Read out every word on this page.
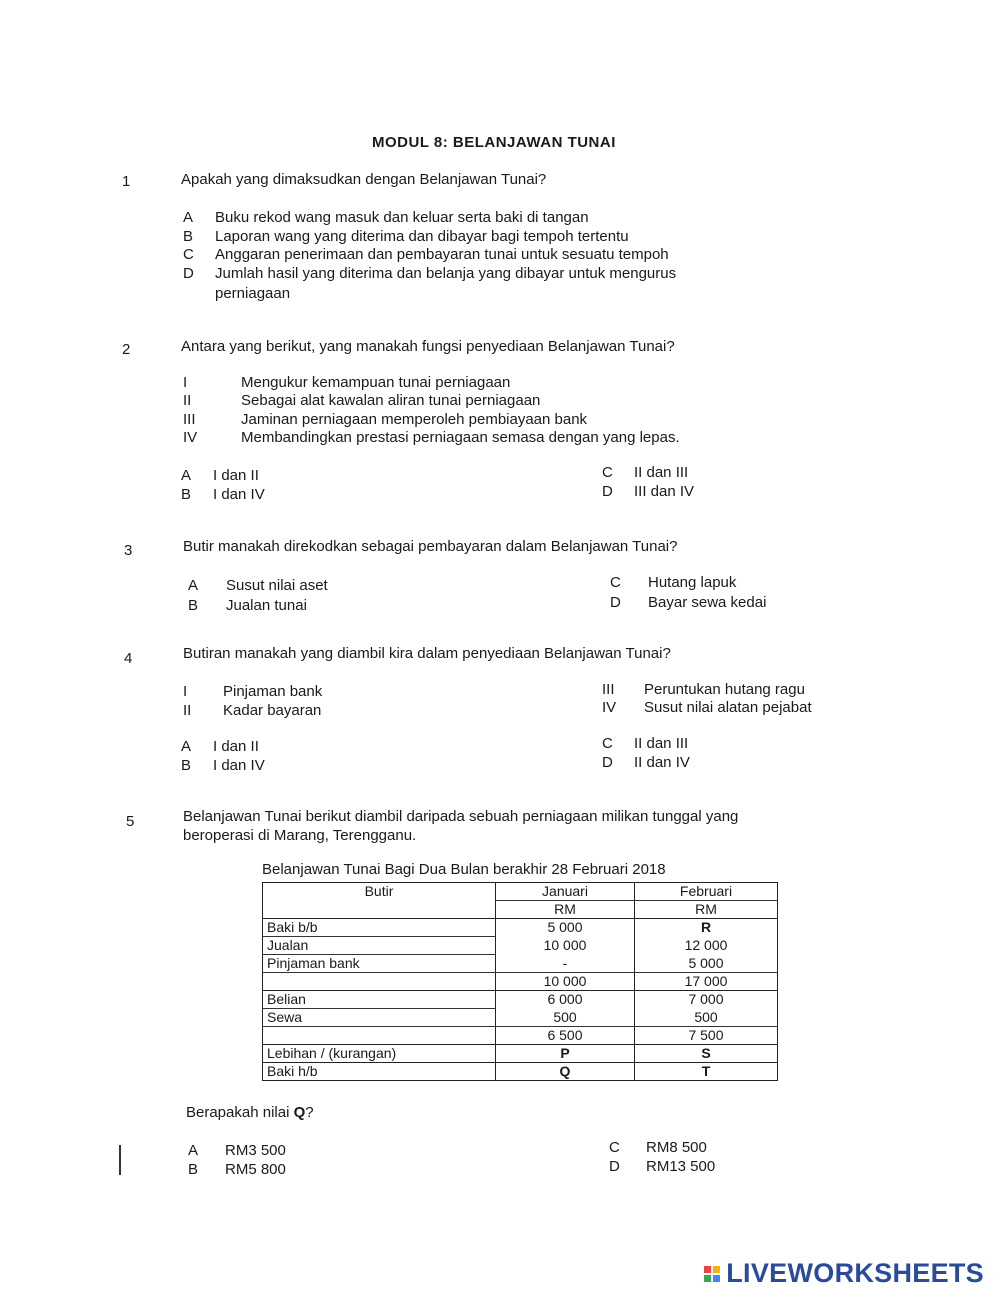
MODUL 8: BELANJAWAN TUNAI
1	Apakah yang dimaksudkan dengan Belanjawan Tunai?
A Buku rekod wang masuk dan keluar serta baki di tangan
B Laporan wang yang diterima dan dibayar bagi tempoh tertentu
C Anggaran penerimaan dan pembayaran tunai untuk sesuatu tempoh
D Jumlah hasil yang diterima dan belanja yang dibayar untuk mengurus
perniagaan
2	Antara yang berikut, yang manakah fungsi penyediaan Belanjawan Tunai?
I	Mengukur kemampuan tunai perniagaan
II	Sebagai alat kawalan aliran tunai perniagaan
III	Jaminan perniagaan memperoleh pembiayaan bank
IV	Membandingkan prestasi perniagaan semasa dengan yang lepas.
A I dan II
B I dan IV
C II dan III
D III dan IV
3	Butir manakah direkodkan sebagai pembayaran dalam Belanjawan Tunai?
A Susut nilai aset
B Jualan tunai
C Hutang lapuk
D Bayar sewa kedai
4	Butiran manakah yang diambil kira dalam penyediaan Belanjawan Tunai?
I Pinjaman bank
II Kadar bayaran
III Peruntukan hutang ragu
IV Susut nilai alatan pejabat
A I dan II
B I dan IV
C II dan III
D II dan IV
5	Belanjawan Tunai berikut diambil daripada sebuah perniagaan milikan tunggal yang
beroperasi di Marang, Terengganu.
Belanjawan Tunai Bagi Dua Bulan berakhir 28 Februari 2018
Butir	Januari	Februari
	RM	RM
Baki b/b	5 000	R
Jualan	10 000	12 000
Pinjaman bank	-	5 000
	10 000	17 000
Belian	6 000	7 000
Sewa	500	500
	6 500	7 500
Lebihan / (kurangan)	P	S
Baki h/b	Q	T
Berapakah nilai Q?
A RM3 500
B RM5 800
C RM8 500
D RM13 500
LIVEWORKSHEETS
